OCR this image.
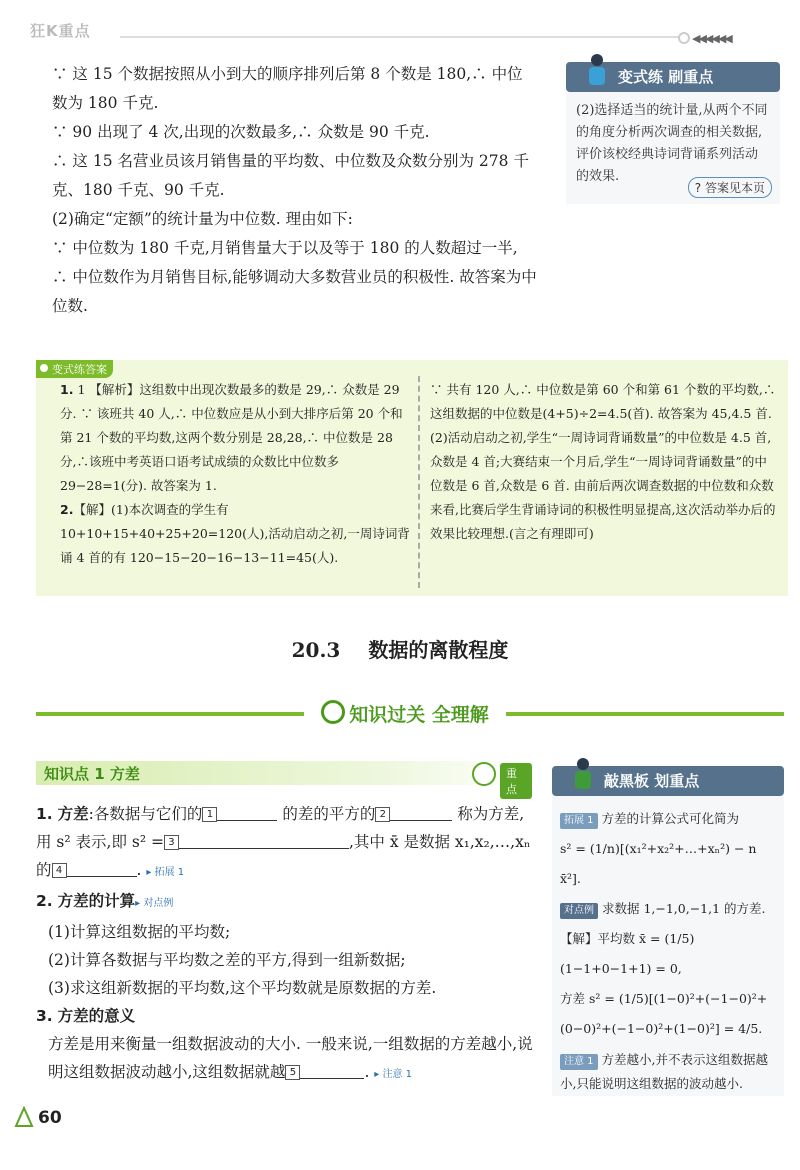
狂K重点	◀◀◀◀◀◀
∵ 这 15 个数据按照从小到大的顺序排列后第 8 个数是 180,∴ 中位数为 180 千克.
∵ 90 出现了 4 次,出现的次数最多,∴ 众数是 90 千克.
∴ 这 15 名营业员该月销售量的平均数、中位数及众数分别为 278 千克、180 千克、90 千克.
(2)确定“定额”的统计量为中位数. 理由如下:
∵ 中位数为 180 千克,月销售量大于以及等于 180 的人数超过一半,
∴ 中位数作为月销售目标,能够调动大多数营业员的积极性. 故答案为中位数.
变式练 刷重点
(2)选择适当的统计量,从两个不同的角度分析两次调查的相关数据,评价该校经典诗词背诵系列活动的效果.
? 答案见本页
变式练答案
1. 1 【解析】这组数中出现次数最多的数是 29,∴ 众数是 29 分. ∵ 该班共 40 人,∴ 中位数应是从小到大排序后第 20 个和第 21 个数的平均数,这两个数分别是 28,28,∴ 中位数是 28 分,∴该班中考英语口语考试成绩的众数比中位数多 29−28=1(分). 故答案为 1.
2.【解】(1)本次调查的学生有 10+10+15+40+25+20=120(人),活动启动之初,一周诗词背诵 4 首的有 120−15−20−16−13−11=45(人).
∵ 共有 120 人,∴ 中位数是第 60 个和第 61 个数的平均数,∴ 这组数据的中位数是(4+5)÷2=4.5(首). 故答案为 45,4.5 首.
(2)活动启动之初,学生“一周诗词背诵数量”的中位数是 4.5 首,众数是 4 首;大赛结束一个月后,学生“一周诗词背诵数量”的中位数是 6 首,众数是 6 首. 由前后两次调查数据的中位数和众数来看,比赛后学生背诵诗词的积极性明显提高,这次活动举办后的效果比较理想.(言之有理即可)
20.3 数据的离散程度
知识过关 全理解
知识点 1 方差	重点
1. 方差:各数据与它们的 1	的差的平方的 2	称为方差,用 s² 表示,即 s² = 3	,其中 x̄ 是数据 x₁,x₂,…,xₙ 的 4	. ▸ 拓展 1
2. 方差的计算▸ 对点例
(1)计算这组数据的平均数;
(2)计算各数据与平均数之差的平方,得到一组新数据;
(3)求这组新数据的平均数,这个平均数就是原数据的方差.
3. 方差的意义
方差是用来衡量一组数据波动的大小. 一般来说,一组数据的方差越小,说明这组数据波动越小,这组数据就越 5	. ▸ 注意 1
敲黑板 划重点
拓展 1 方差的计算公式可化简为
s² = (1/n)[(x₁²+x₂²+…+xₙ²) − n x̄²].
对点例 求数据 1,−1,0,−1,1 的方差.
【解】平均数 x̄ = (1/5)(1−1+0−1+1) = 0,
方差 s² = (1/5)[(1−0)²+(−1−0)²+(0−0)²+(−1−0)²+(1−0)²] = 4/5.
注意 1 方差越小,并不表示这组数据越小,只能说明这组数据的波动越小.
60
